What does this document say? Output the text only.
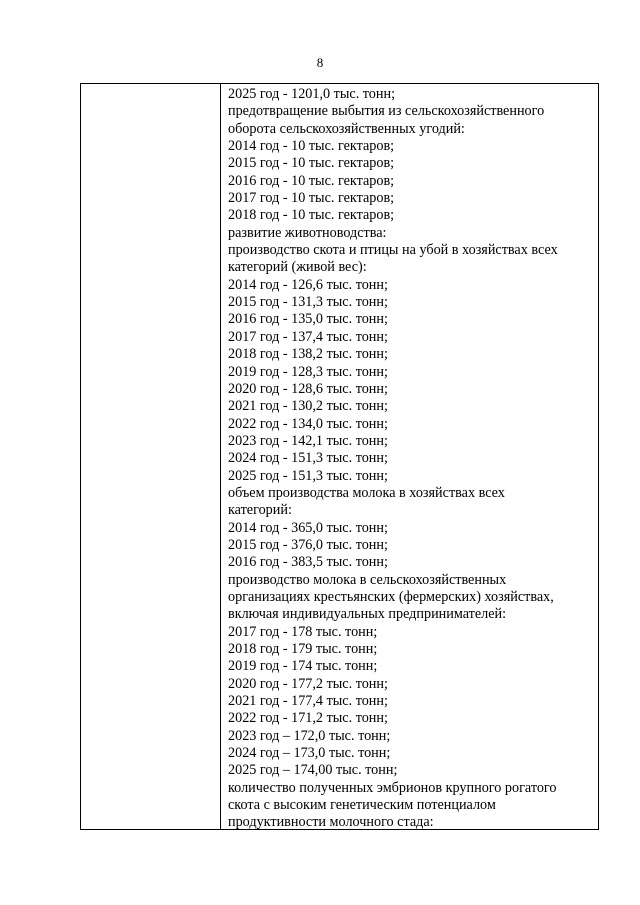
8

2025 год - 1201,0 тыс. тонн;

предотвращение выбытия из сельскохозяйственного

оборота сельскохозяйственных угодий:

2014 год - 10 тыс. гектаров;

2015 год - 10 тыс. гектаров;

2016 год - 10 тыс. гектаров;

2017 год - 10 тыс. гектаров;

2018 год - 10 тыс. гектаров;

развитие животноводства:

производство скота и птицы на убой в хозяйствах всех

категорий (живой вес):

2014 год - 126,6 тыс. тонн;

2015 год - 131,3 тыс. тонн;

2016 год - 135,0 тыс. тонн;

2017 год - 137,4 тыс. тонн;

2018 год - 138,2 тыс. тонн;

2019 год - 128,3 тыс. тонн;

2020 год - 128,6 тыс. тонн;

2021 год - 130,2 тыс. тонн;

2022 год - 134,0 тыс. тонн;

2023 год - 142,1 тыс. тонн;

2024 год - 151,3 тыс. тонн;

2025 год - 151,3 тыс. тонн;

объем производства молока в хозяйствах всех

категорий:

2014 год - 365,0 тыс. тонн;

2015 год - 376,0 тыс. тонн;

2016 год - 383,5 тыс. тонн;

производство молока в сельскохозяйственных

организациях крестьянских (фермерских) хозяйствах,

включая индивидуальных предпринимателей:

2017 год - 178 тыс. тонн;

2018 год - 179 тыс. тонн;

2019 год - 174 тыс. тонн;

2020 год - 177,2 тыс. тонн;

2021 год - 177,4 тыс. тонн;

2022 год - 171,2 тыс. тонн;

2023 год – 172,0 тыс. тонн;

2024 год – 173,0 тыс. тонн;

2025 год – 174,00 тыс. тонн;

количество полученных эмбрионов крупного рогатого

скота с высоким генетическим потенциалом

продуктивности молочного стада:
